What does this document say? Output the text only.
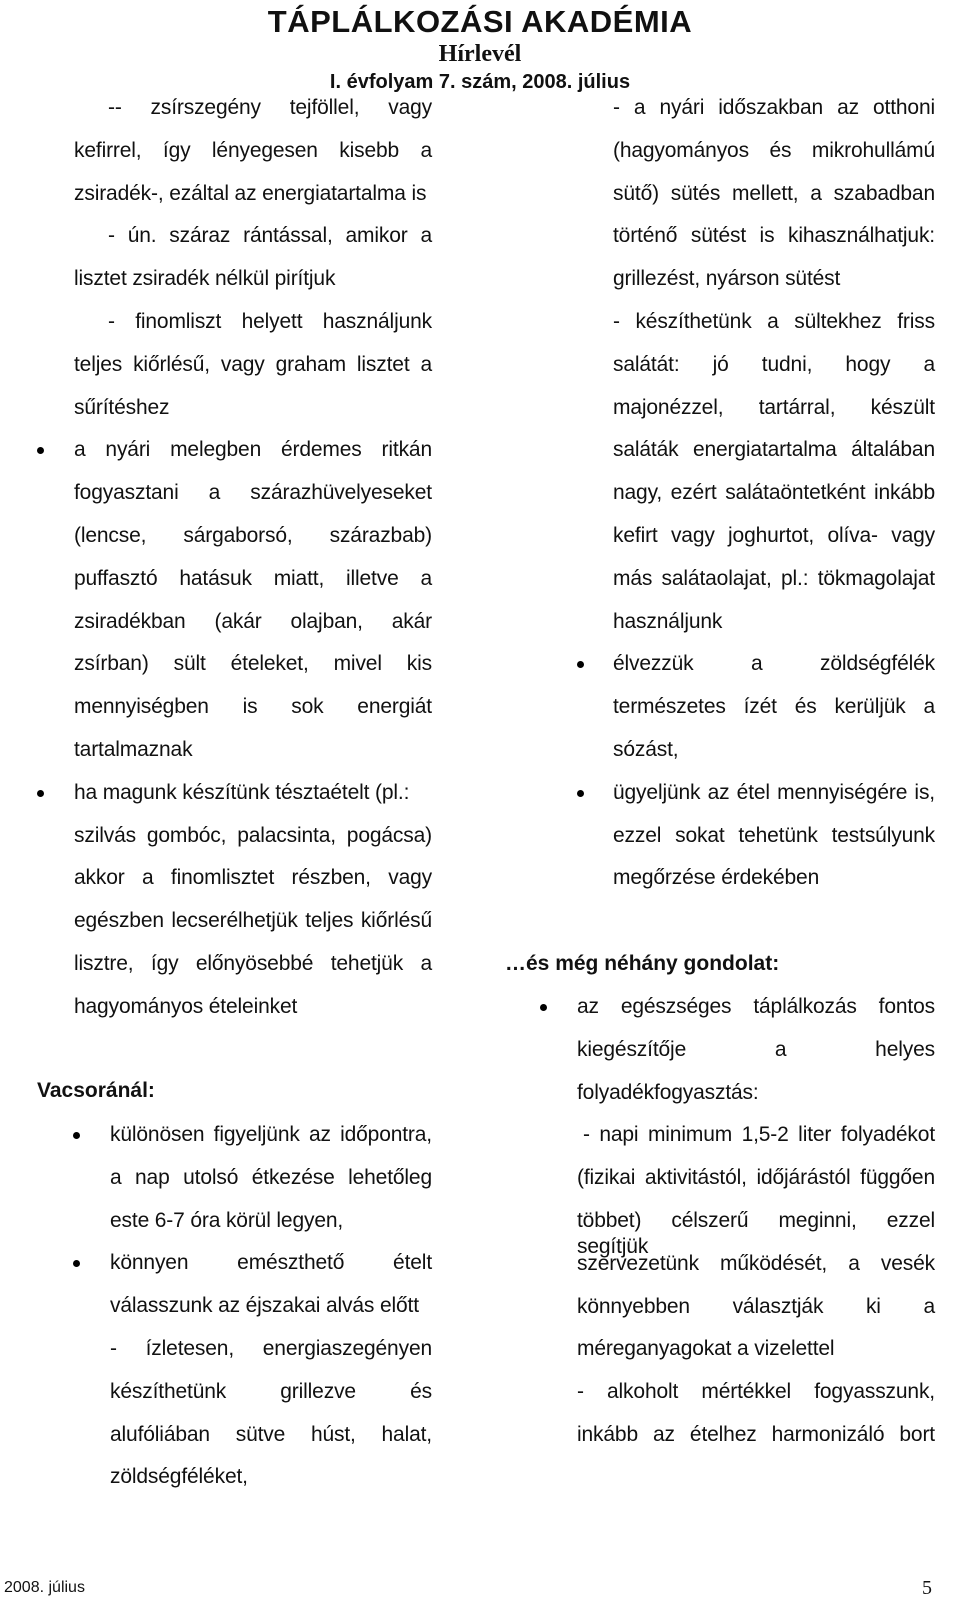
TÁPLÁLKOZÁSI AKADÉMIA
Hírlevél
I. évfolyam 7. szám, 2008. július
-- zsírszegény tejföllel, vagy
kefirrel, így lényegesen kisebb a
zsiradék-, ezáltal az energiatartalma is
- ún. száraz rántással, amikor a
lisztet zsiradék nélkül pirítjuk
- finomliszt helyett használjunk
teljes kiőrlésű, vagy graham lisztet a
sűrítéshez
a nyári melegben érdemes ritkán
fogyasztani a szárazhüvelyeseket
(lencse, sárgaborsó, szárazbab)
puffasztó hatásuk miatt, illetve a
zsiradékban (akár olajban, akár
zsírban) sült ételeket, mivel kis
mennyiségben is sok energiát
tartalmaznak
ha magunk készítünk tésztaételt (pl.:
szilvás gombóc, palacsinta, pogácsa)
akkor a finomlisztet részben, vagy
egészben lecserélhetjük teljes kiőrlésű
lisztre, így előnyösebbé tehetjük a
hagyományos ételeinket
Vacsoránál:
különösen figyeljünk az időpontra,
a nap utolsó étkezése lehetőleg
este 6-7 óra körül legyen,
könnyen emészthető ételt
válasszunk az éjszakai alvás előtt
- ízletesen, energiaszegényen
készíthetünk grillezve és
alufóliában sütve húst, halat,
zöldségféléket,
- a nyári időszakban az otthoni
(hagyományos és mikrohullámú
sütő) sütés mellett, a szabadban
történő sütést is kihasználhatjuk:
grillezést, nyárson sütést
- készíthetünk a sültekhez friss
salátát: jó tudni, hogy a
majonézzel, tartárral, készült
saláták energiatartalma általában
nagy, ezért salátaöntetként inkább
kefirt vagy joghurtot, olíva- vagy
más salátaolajat, pl.: tökmagolajat
használjunk
élvezzük a zöldségfélék
természetes ízét és kerüljük a
sózást,
ügyeljünk az étel mennyiségére is,
ezzel sokat tehetünk testsúlyunk
megőrzése érdekében
…és még néhány gondolat:
az egészséges táplálkozás fontos
kiegészítője a helyes
folyadékfogyasztás:
- napi minimum 1,5-2 liter folyadékot
(fizikai aktivitástól, időjárástól függően
többet) célszerű meginni, ezzel segítjük
szervezetünk működését, a vesék
könnyebben választják ki a
méreganyagokat a vizelettel
- alkoholt mértékkel fogyasszunk,
inkább az ételhez harmonizáló bort
2008. július	5
